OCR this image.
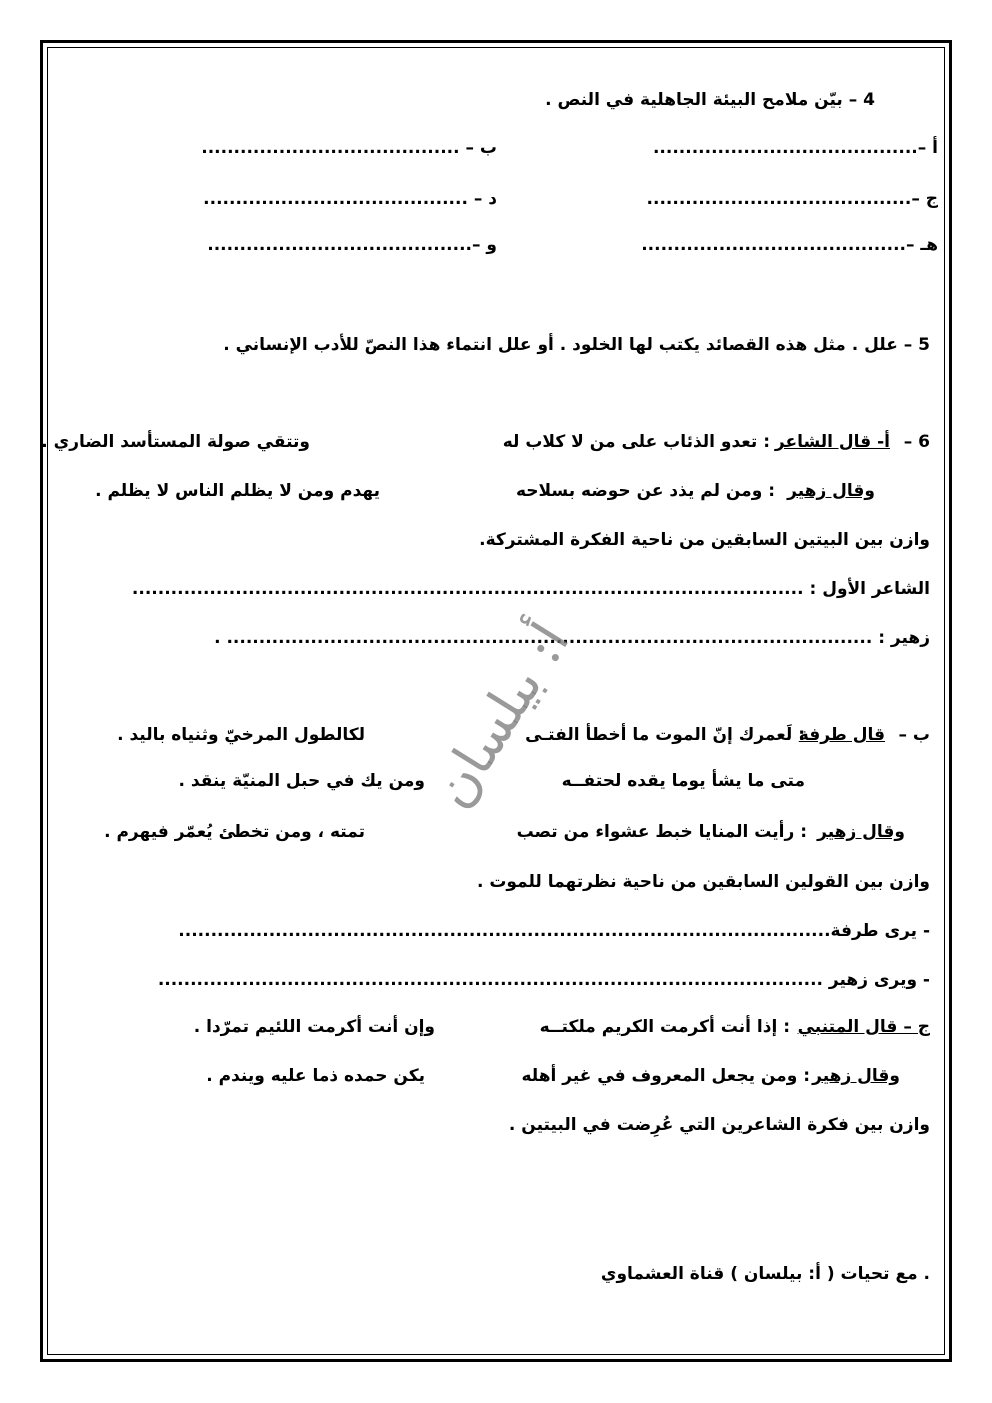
4 – بيّن ملامح البيئة الجاهلية في النص .
أ –.........................................
ب – ........................................
ج –.........................................
د – .........................................
هـ –.........................................
و –.........................................
5 – علل . مثل هذه القصائد يكتب لها الخلود . أو علل انتماء هذا النصّ للأدب الإنساني .
6 –
أ- قال الشاعر
: تعدو الذئاب على من لا كلاب له
وتتقي صولة المستأسد الضاري .
وقال زهير
: ومن لم يذد عن حوضه بسلاحه
يهدم ومن لا يظلم الناس لا يظلم .
وازن بين البيتين السابقين من ناحية الفكرة المشتركة.
الشاعر الأول : ........................................................................................................
زهير : .................................................................................................... .
أ: بيلسان	ب –
قال طرفة
: لَعمرك إنّ الموت ما أخطأ الفتـى
لكالطول المرخيّ وثنياه باليد .
متى ما يشأ يوما يقده لحتفــه
ومن يك في حبل المنيّة ينقد .
وقال زهير
: رأيت المنايا خبط عشواء من تصب
تمته ، ومن تخطئ يُعمّر فيهرم .
وازن بين القولين السابقين من ناحية نظرتهما للموت .
- يرى طرفة.....................................................................................................
- ويرى زهير .......................................................................................................
ج – قال المتنبي
: إذا أنت أكرمت الكريم ملكتــه
وإن أنت أكرمت اللئيم تمرّدا .
وقال زهير
: ومن يجعل المعروف في غير أهله
يكن حمده ذما عليه ويندم .
وازن بين فكرة الشاعرين التي عُرِضت في البيتين .
. مع تحيات ( أ: بيلسان ) قناة العشماوي
